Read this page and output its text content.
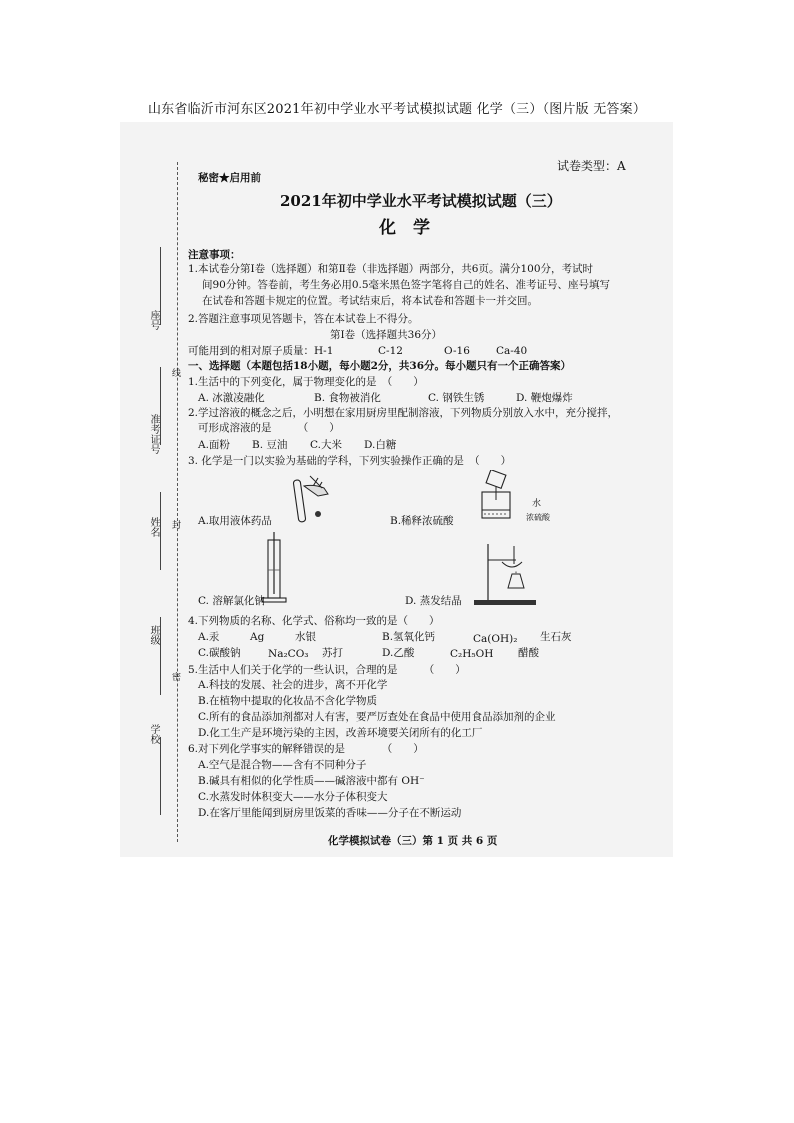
山东省临沂市河东区2021年初中学业水平考试模拟试题 化学（三）（图片版 无答案）
座号
准考证号
姓名
班级
学校
线
封
密
试卷类型：A
秘密★启用前
2021年初中学业水平考试模拟试题（三）
化　学
注意事项：
1.本试卷分第Ⅰ卷（选择题）和第Ⅱ卷（非选择题）两部分，共6页。满分100分，考试时
间90分钟。答卷前，考生务必用0.5毫米黑色签字笔将自己的姓名、准考证号、座号填写
在试卷和答题卡规定的位置。考试结束后，将本试卷和答题卡一并交回。
2.答题注意事项见答题卡，答在本试卷上不得分。
第Ⅰ卷（选择题共36分）
可能用到的相对原子质量：H-1	C-12	O-16 Ca-40
一、选择题（本题包括18小题，每小题2分，共36分。每小题只有一个正确答案）
1.生活中的下列变化，属于物理变化的是　（　　）
A. 冰激凌融化	B. 食物被消化	C. 钢铁生锈	D. 鞭炮爆炸
2.学过溶液的概念之后，小明想在家用厨房里配制溶液，下列物质分别放入水中，充分搅拌，
可形成溶液的是　　　（　　）
A.面粉 B. 豆油 C.大米 D.白糖
3. 化学是一门以实验为基础的学科，下列实验操作正确的是　（　　）
A.取用液体药品
水
浓硫酸
B.稀释浓硫酸
C. 溶解氯化钠	D. 蒸发结晶
4.下列物质的名称、化学式、俗称均一致的是（　　）
A.汞	Ag	水银	B.氢氧化钙	Ca(OH)₂ 生石灰
C.碳酸钠	Na₂CO₃ 苏打	D.乙酸	C₂H₅OH 醋酸
5.生活中人们关于化学的一些认识，合理的是　　　（　　）
A.科技的发展、社会的进步，离不开化学
B.在植物中提取的化妆品不含化学物质
C.所有的食品添加剂都对人有害，要严厉查处在食品中使用食品添加剂的企业
D.化工生产是环境污染的主因，改善环境要关闭所有的化工厂
6.对下列化学事实的解释错误的是　　　　（　　）
A.空气是混合物——含有不同种分子
B.碱具有相似的化学性质——碱溶液中都有 OH⁻
C.水蒸发时体积变大——水分子体积变大
D.在客厅里能闻到厨房里饭菜的香味——分子在不断运动
化学模拟试卷（三）第 1 页 共 6 页
